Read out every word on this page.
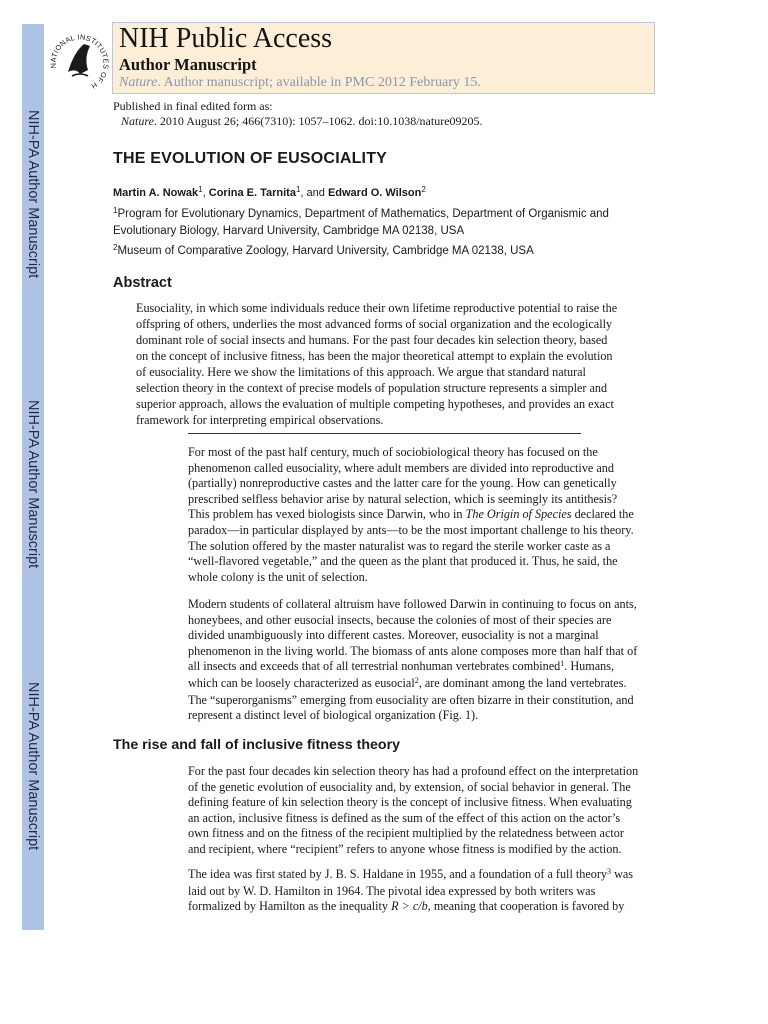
NIH-PA Author Manuscript
NIH-PA Author Manuscript
NIH-PA Author Manuscript
NATIONAL INSTITUTES OF H
NIH Public Access
Author Manuscript
Nature. Author manuscript; available in PMC 2012 February 15.
Published in final edited form as:
Nature. 2010 August 26; 466(7310): 1057–1062. doi:10.1038/nature09205.
THE EVOLUTION OF EUSOCIALITY
Martin A. Nowak$^1$, Corina E. Tarnita$^1$, and Edward O. Wilson$^2$
$^1$Program for Evolutionary Dynamics, Department of Mathematics, Department of Organismic and Evolutionary Biology, Harvard University, Cambridge MA 02138, USA
$^2$Museum of Comparative Zoology, Harvard University, Cambridge MA 02138, USA
Abstract
Eusociality, in which some individuals reduce their own lifetime reproductive potential to raise the
offspring of others, underlies the most advanced forms of social organization and the ecologically
dominant role of social insects and humans. For the past four decades kin selection theory, based
on the concept of inclusive fitness, has been the major theoretical attempt to explain the evolution
of eusociality. Here we show the limitations of this approach. We argue that standard natural
selection theory in the context of precise models of population structure represents a simpler and
superior approach, allows the evaluation of multiple competing hypotheses, and provides an exact
framework for interpreting empirical observations.
For most of the past half century, much of sociobiological theory has focused on the
phenomenon called eusociality, where adult members are divided into reproductive and
(partially) nonreproductive castes and the latter care for the young. How can genetically
prescribed selfless behavior arise by natural selection, which is seemingly its antithesis?
This problem has vexed biologists since Darwin, who in The Origin of Species declared the
paradox—in particular displayed by ants—to be the most important challenge to his theory.
The solution offered by the master naturalist was to regard the sterile worker caste as a
“well-flavored vegetable,” and the queen as the plant that produced it. Thus, he said, the
whole colony is the unit of selection.
Modern students of collateral altruism have followed Darwin in continuing to focus on ants,
honeybees, and other eusocial insects, because the colonies of most of their species are
divided unambiguously into different castes. Moreover, eusociality is not a marginal
phenomenon in the living world. The biomass of ants alone composes more than half that of
all insects and exceeds that of all terrestrial nonhuman vertebrates combined$^1$. Humans,
which can be loosely characterized as eusocial$^2$, are dominant among the land vertebrates.
The “superorganisms” emerging from eusociality are often bizarre in their constitution, and
represent a distinct level of biological organization (Fig. 1).
The rise and fall of inclusive fitness theory
For the past four decades kin selection theory has had a profound effect on the interpretation
of the genetic evolution of eusociality and, by extension, of social behavior in general. The
defining feature of kin selection theory is the concept of inclusive fitness. When evaluating
an action, inclusive fitness is defined as the sum of the effect of this action on the actor’s
own fitness and on the fitness of the recipient multiplied by the relatedness between actor
and recipient, where “recipient” refers to anyone whose fitness is modified by the action.
The idea was first stated by J. B. S. Haldane in 1955, and a foundation of a full theory$^3$ was
laid out by W. D. Hamilton in 1964. The pivotal idea expressed by both writers was
formalized by Hamilton as the inequality R > c/b, meaning that cooperation is favored by
